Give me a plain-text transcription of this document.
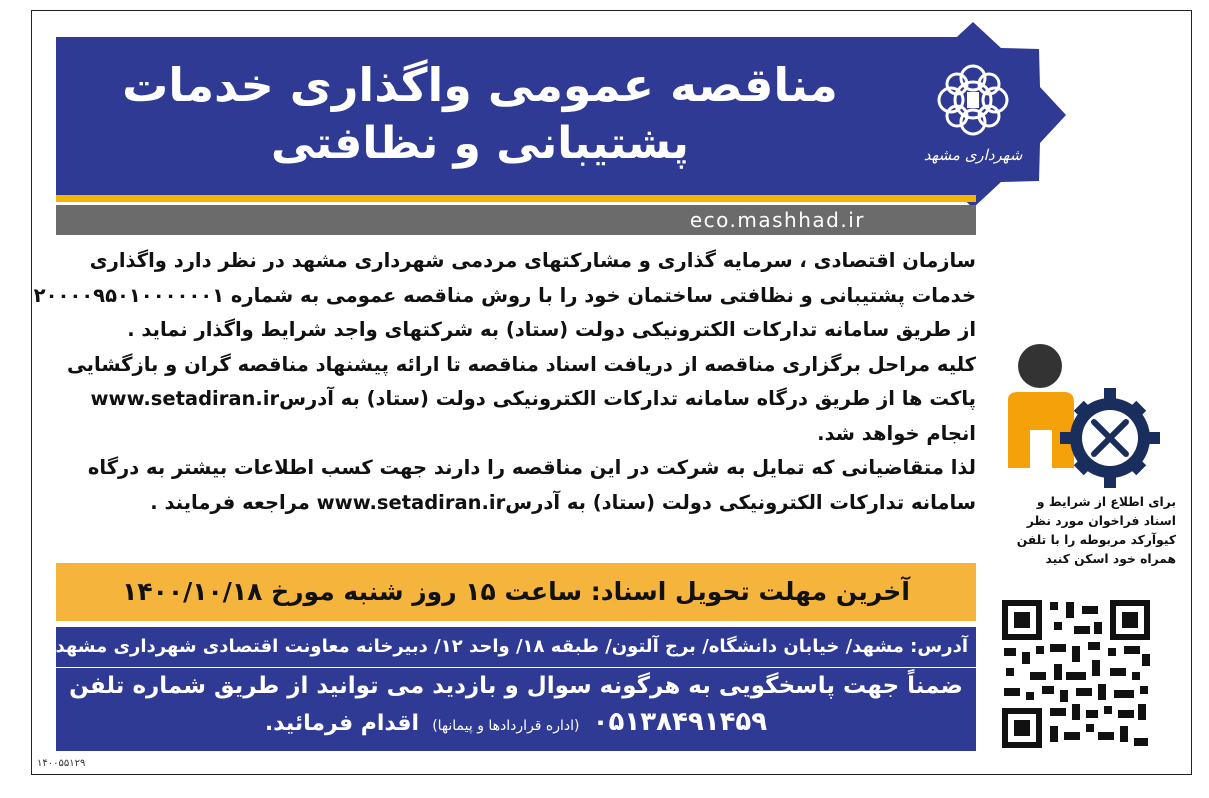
مناقصه عمومی واگذاری خدمات
پشتیبانی و نظافتی	شهرداری مشهد
eco.mashhad.ir

سازمان اقتصادی ، سرمایه گذاری و مشارکتهای مردمی شهرداری مشهد در نظر دارد واگذاری

خدمات پشتیبانی و نظافتی ساختمان خود را با روش مناقصه عمومی به شماره ۲۰۰۰۰۹۵۰۱۰۰۰۰۰۰۱

از طریق سامانه تدارکات الکترونیکی دولت (ستاد) به شرکتهای واجد شرایط واگذار نماید .

کلیه مراحل برگزاری مناقصه از دریافت اسناد مناقصه تا ارائه پیشنهاد مناقصه گران و بازگشایی

پاکت ها از طریق درگاه سامانه تدارکات الکترونیکی دولت (ستاد) به آدرسwww.setadiran.ir

انجام خواهد شد.

لذا متقاضیانی که تمایل به شرکت در این مناقصه را دارند جهت کسب اطلاعات بیشتر به درگاه

سامانه تدارکات الکترونیکی دولت (ستاد) به آدرسwww.setadiran.ir مراجعه فرمایند .

آخرین مهلت تحویل اسناد: ساعت ۱۵ روز شنبه مورخ ۱۴۰۰/۱۰/۱۸
آدرس: مشهد/ خیابان دانشگاه/ برج آلتون/ طبقه ۱۸/ واحد ۱۲/ دبیرخانه معاونت اقتصادی شهرداری مشهد
ضمناً جهت پاسخگویی به هرگونه سوال و بازدید می توانید از طریق شماره تلفن
۰۵۱۳۸۴۹۱۴۵۹ (اداره قراردادها و پیمانها) اقدام فرمائید.

برای اطلاع از شرایط و

اسناد فراخوان مورد نظر

کیوآرکد مربوطه را با تلفن

همراه خود اسکن کنید

۱۴۰۰۵۵۱۲۹
